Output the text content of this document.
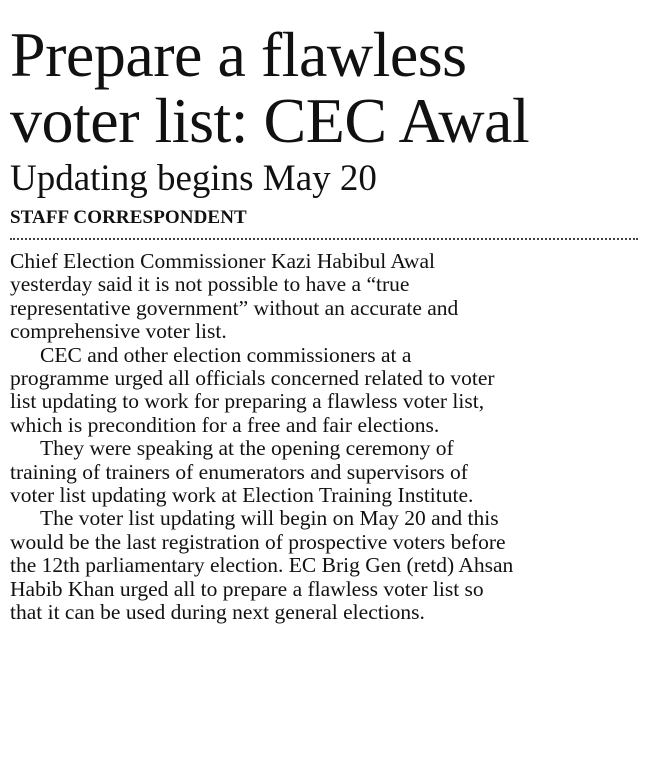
Prepare a flawless
voter list: CEC Awal
Updating begins May 20
STAFF CORRESPONDENT

Chief Election Commissioner Kazi Habibul Awal
yesterday said it is not possible to have a “true
representative government” without an accurate and
comprehensive voter list.

CEC and other election commissioners at a
programme urged all officials concerned related to voter
list updating to work for preparing a flawless voter list,
which is precondition for a free and fair elections.

They were speaking at the opening ceremony of
training of trainers of enumerators and supervisors of
voter list updating work at Election Training Institute.

The voter list updating will begin on May 20 and this
would be the last registration of prospective voters before
the 12th parliamentary election. EC Brig Gen (retd) Ahsan
Habib Khan urged all to prepare a flawless voter list so
that it can be used during next general elections.
